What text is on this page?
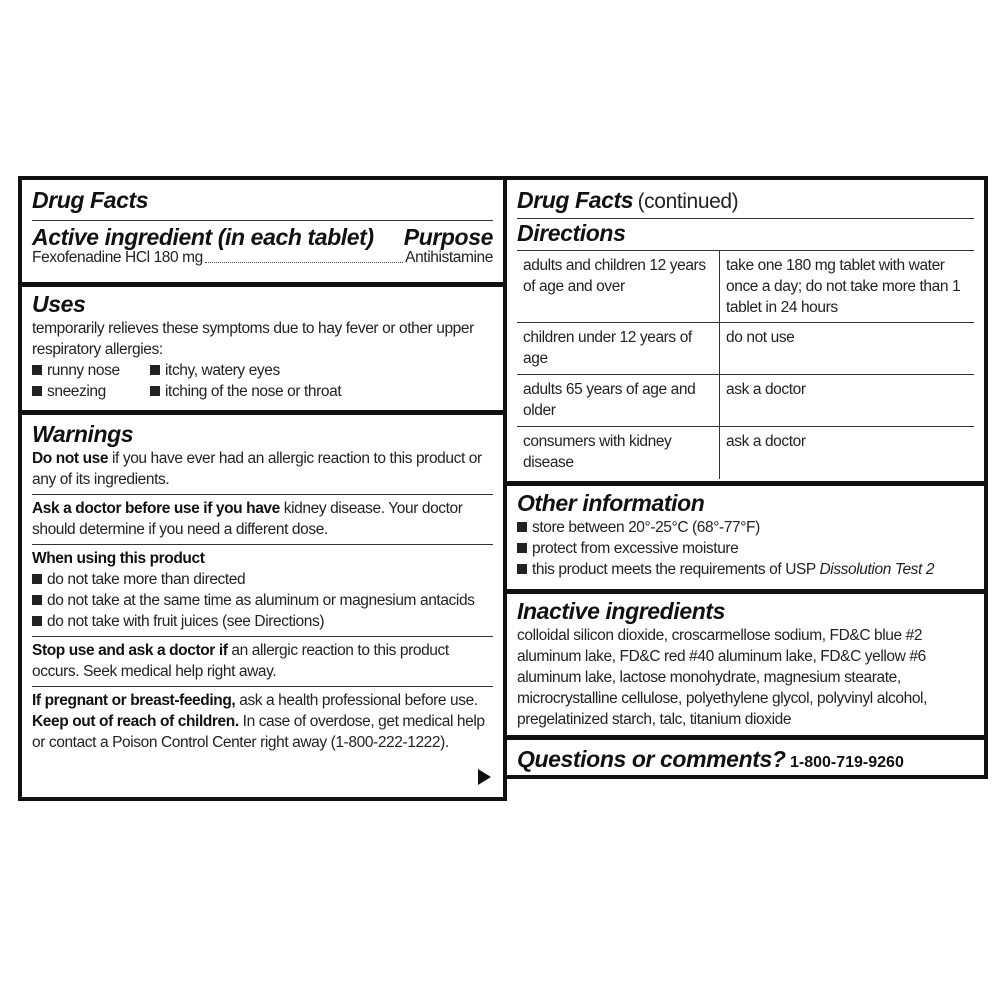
Drug Facts
Active ingredient (in each tablet) Purpose
Fexofenadine HCl 180 mg	Antihistamine
Uses
temporarily relieves these symptoms due to hay fever or other upper respiratory allergies:
runny nose	itchy, watery eyes
sneezing	itching of the nose or throat
Warnings
Do not use if you have ever had an allergic reaction to this product or any of its ingredients.
Ask a doctor before use if you have kidney disease. Your doctor should determine if you need a different dose.
When using this product
do not take more than directed
do not take at the same time as aluminum or magnesium antacids
do not take with fruit juices (see Directions)
Stop use and ask a doctor if an allergic reaction to this product occurs. Seek medical help right away.
If pregnant or breast-feeding, ask a health professional before use.
Keep out of reach of children. In case of overdose, get medical help or contact a Poison Control Center right away (1-800-222-1222).
Drug Facts (continued)
Directions
adults and children 12 years of age and over	take one 180 mg tablet with water once a day; do not take more than 1 tablet in 24 hours
children under 12 years of age	do not use
adults 65 years of age and older	ask a doctor
consumers with kidney disease	ask a doctor
Other information
store between 20°-25°C (68°-77°F)
protect from excessive moisture
this product meets the requirements of USP Dissolution Test 2
Inactive ingredients
colloidal silicon dioxide, croscarmellose sodium, FD&C blue #2 aluminum lake, FD&C red #40 aluminum lake, FD&C yellow #6 aluminum lake, lactose monohydrate, magnesium stearate, microcrystalline cellulose, polyethylene glycol, polyvinyl alcohol, pregelatinized starch, talc, titanium dioxide
Questions or comments? 1-800-719-9260
